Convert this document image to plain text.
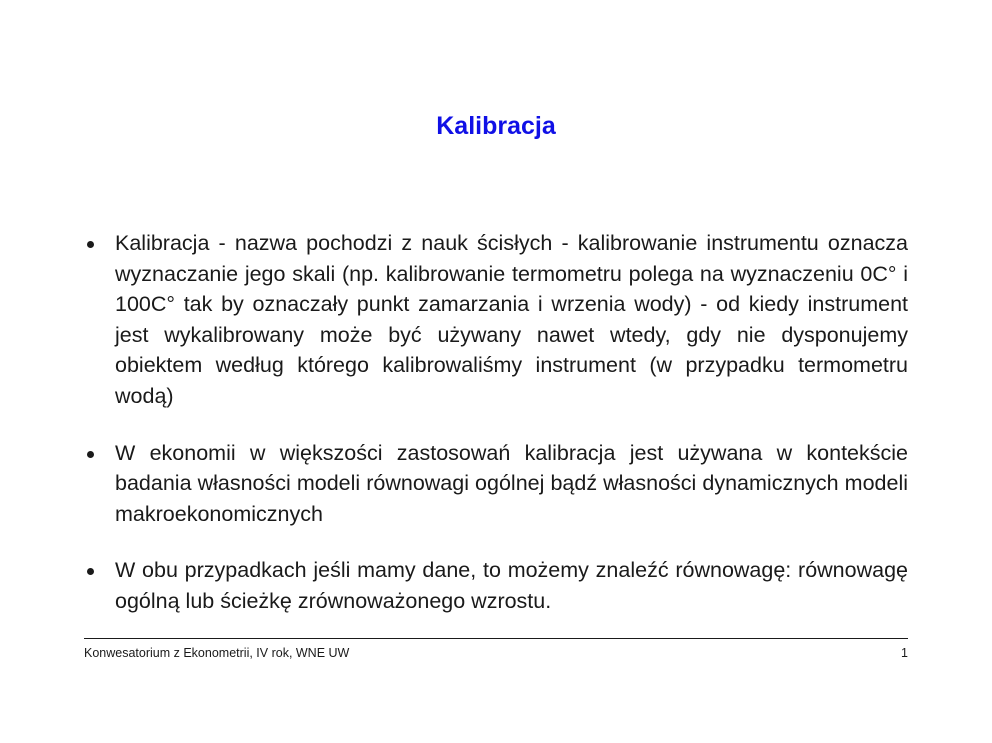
Kalibracja
Kalibracja - nazwa pochodzi z nauk ścisłych - kalibrowanie instrumentu oznacza wyznaczanie jego skali (np. kalibrowanie termometru polega na wyznaczeniu 0C° i 100C° tak by oznaczały punkt zamarzania i wrzenia wody) - od kiedy instrument jest wykalibrowany może być używany nawet wtedy, gdy nie dysponujemy obiektem według którego kalibrowaliśmy instrument (w przypadku termometru wodą)
W ekonomii w większości zastosowań kalibracja jest używana w kontekście badania własności modeli równowagi ogólnej bądź własności dynamicznych modeli makroekonomicznych
W obu przypadkach jeśli mamy dane, to możemy znaleźć równowagę: równowagę ogólną lub ścieżkę zrównoważonego wzrostu.
Konwesatorium z Ekonometrii, IV rok, WNE UW	1
